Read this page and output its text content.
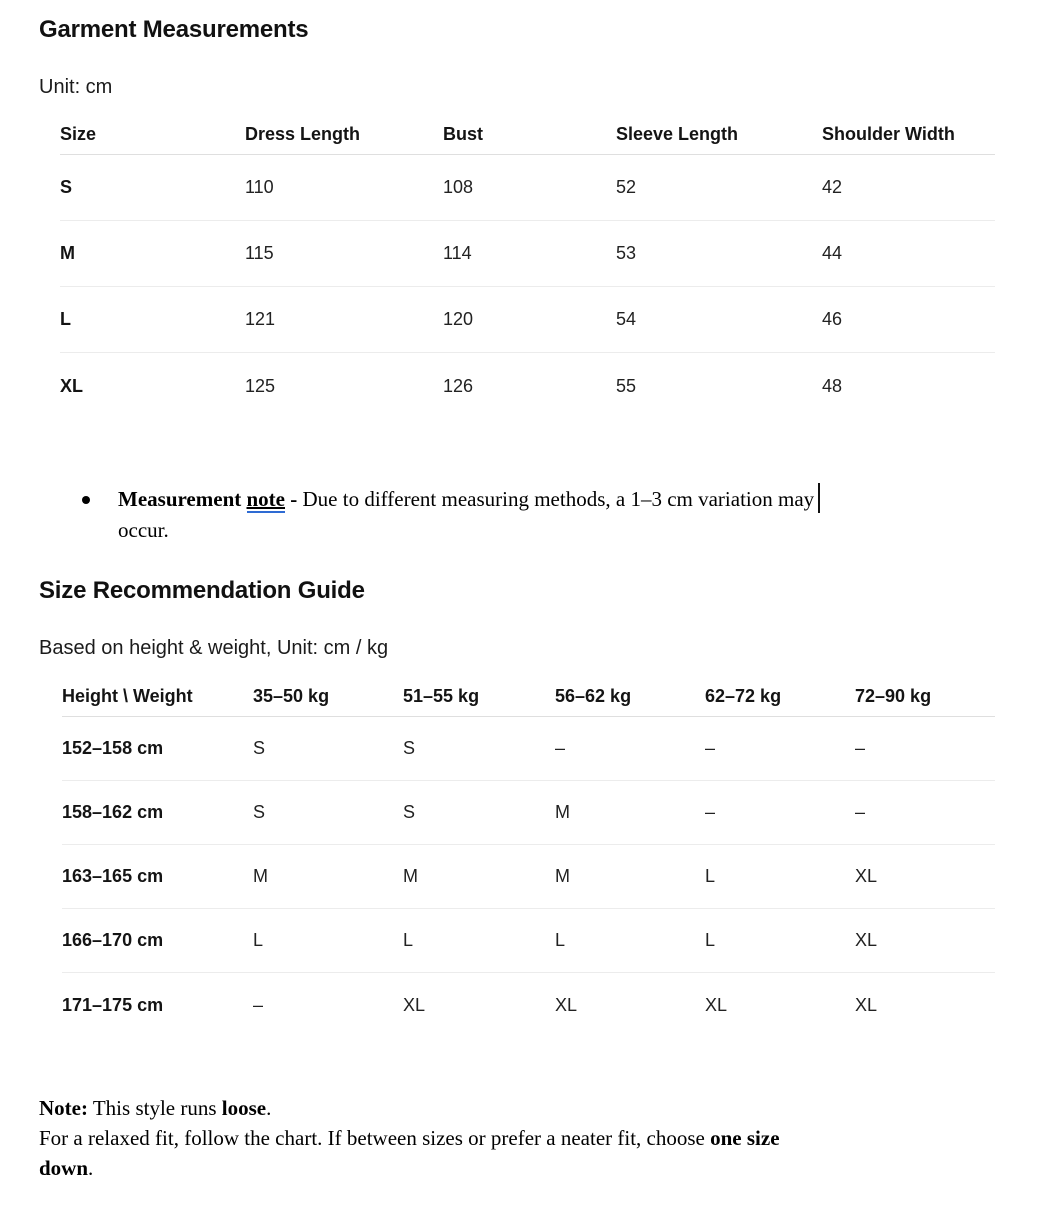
Garment Measurements
Unit: cm
Size	Dress Length	Bust	Sleeve Length	Shoulder Width
S	110	108	52	42
M	115	114	53	44
L	121	120	54	46
XL	125	126	55	48
Measurement note - Due to different measuring methods, a 1–3 cm variation may
occur.
Size Recommendation Guide
Based on height & weight, Unit: cm / kg
Height \ Weight	35–50 kg	51–55 kg	56–62 kg	62–72 kg	72–90 kg
152–158 cm	S	S	–	–	–
158–162 cm	S	S	M	–	–
163–165 cm	M	M	M	L	XL
166–170 cm	L	L	L	L	XL
171–175 cm	–	XL	XL	XL	XL
Note: This style runs loose.
For a relaxed fit, follow the chart. If between sizes or prefer a neater fit, choose one size
down.
